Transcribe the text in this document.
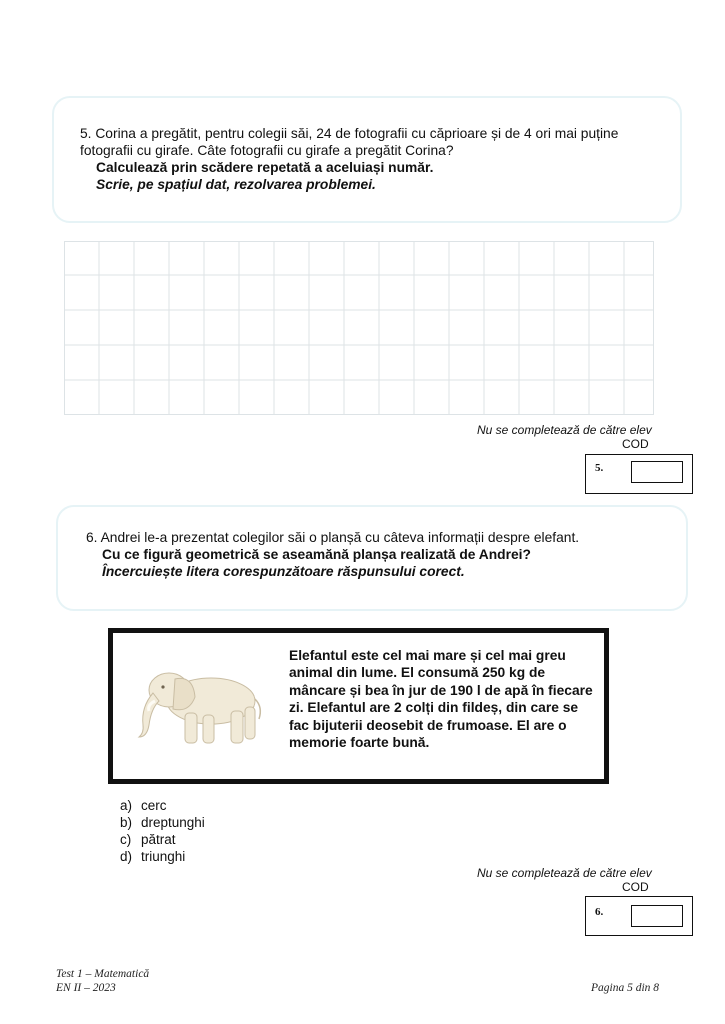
5. Corina a pregătit, pentru colegii săi, 24 de fotografii cu căprioare și de 4 ori mai puține fotografii cu girafe. Câte fotografii cu girafe a pregătit Corina?
Calculează prin scădere repetată a aceluiași număr.
Scrie, pe spațiul dat, rezolvarea problemei.
Nu se completează de către elev
COD
5.
6. Andrei le-a prezentat colegilor săi o planșă cu câteva informații despre elefant.
Cu ce figură geometrică se aseamănă planșa realizată de Andrei?
Încercuiește litera corespunzătoare răspunsului corect.
Elefantul este cel mai mare și cel mai greu animal din lume. El consumă 250 kg de mâncare și bea în jur de 190 l de apă în fiecare zi. Elefantul are 2 colți din fildeș, din care se fac bijuterii deosebit de frumoase. El are o memorie foarte bună.
a) cerc
b) dreptunghi
c) pătrat
d) triunghi
Nu se completează de către elev
COD
6.
Test 1 – Matematică
EN II – 2023	Pagina 5 din 8
